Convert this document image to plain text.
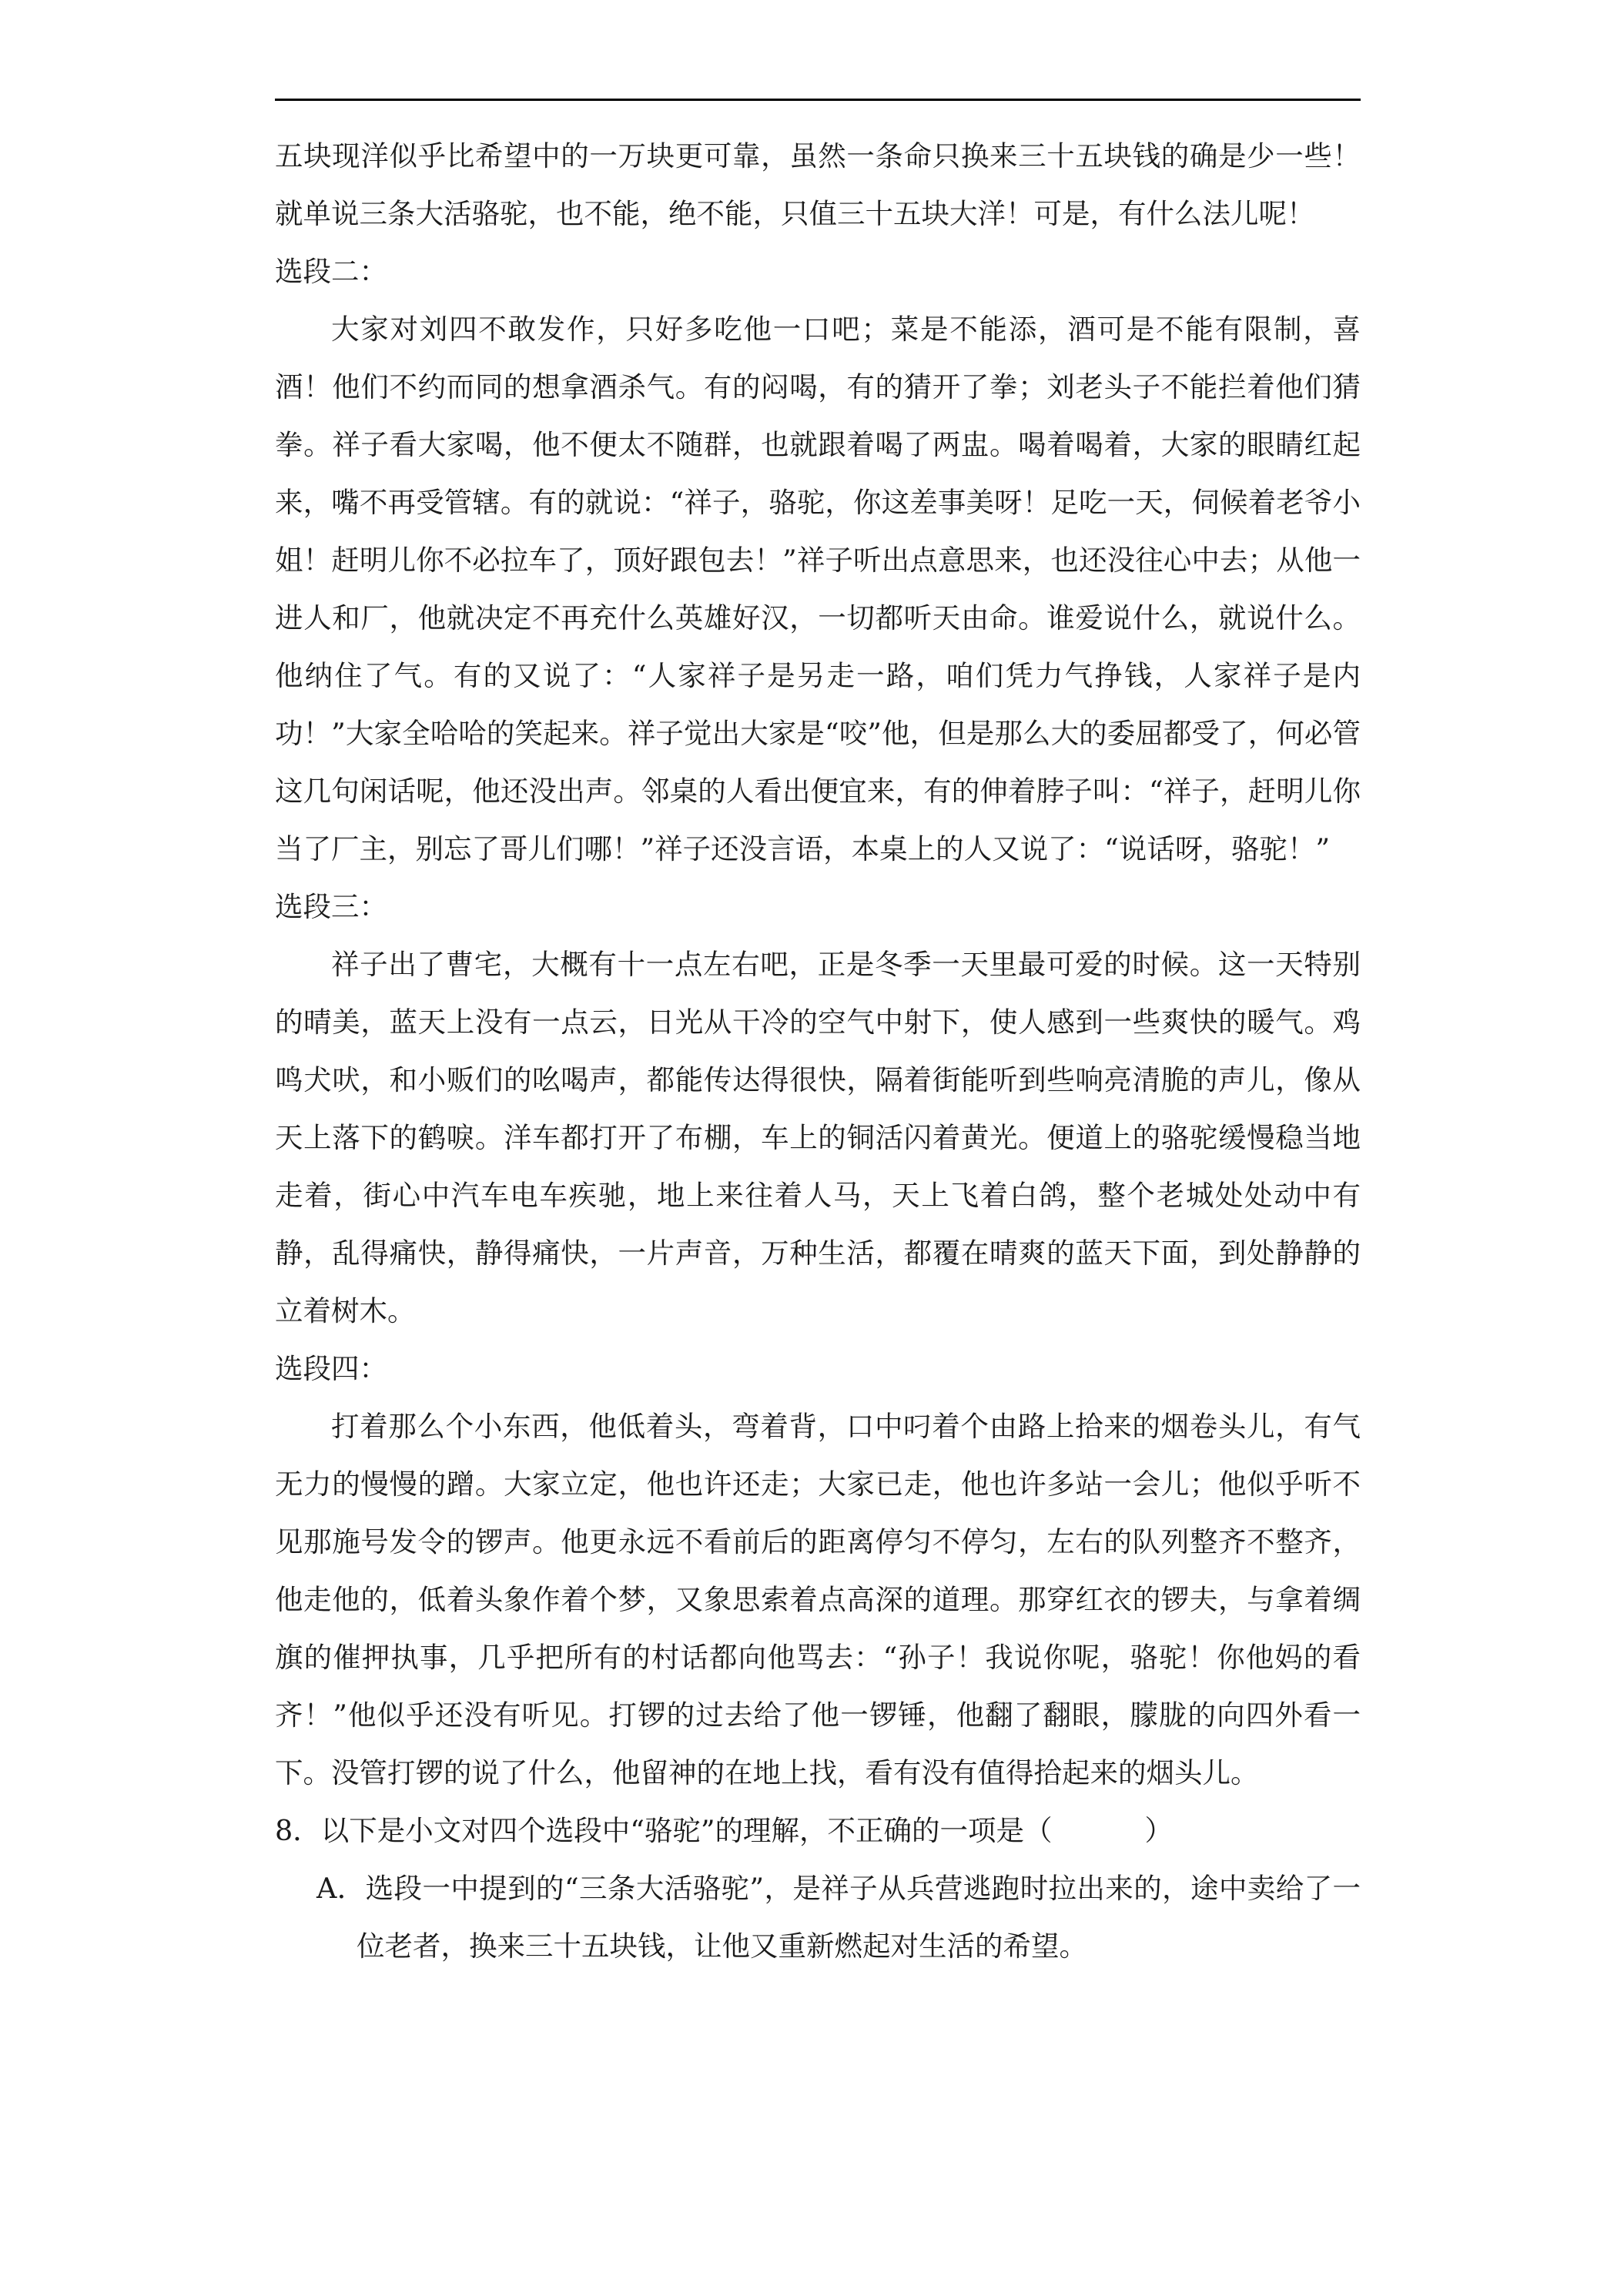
五块现洋似乎比希望中的一万块更可靠，虽然一条命只换来三十五块钱的确是少一些！就单说三条大活骆驼，也不能，绝不能，只值三十五块大洋！可是，有什么法儿呢！

选段二：

大家对刘四不敢发作，只好多吃他一口吧；菜是不能添，酒可是不能有限制，喜酒！他们不约而同的想拿酒杀气。有的闷喝，有的猜开了拳；刘老头子不能拦着他们猜拳。祥子看大家喝，他不便太不随群，也就跟着喝了两盅。喝着喝着，大家的眼睛红起来，嘴不再受管辖。有的就说：“祥子，骆驼，你这差事美呀！足吃一天，伺候着老爷小姐！赶明儿你不必拉车了，顶好跟包去！”祥子听出点意思来，也还没往心中去；从他一进人和厂，他就决定不再充什么英雄好汉，一切都听天由命。谁爱说什么，就说什么。他纳住了气。有的又说了：“人家祥子是另走一路，咱们凭力气挣钱，人家祥子是内功！”大家全哈哈的笑起来。祥子觉出大家是“咬”他，但是那么大的委屈都受了，何必管这几句闲话呢，他还没出声。邻桌的人看出便宜来，有的伸着脖子叫：“祥子，赶明儿你当了厂主，别忘了哥儿们哪！”祥子还没言语，本桌上的人又说了：“说话呀，骆驼！”

选段三：

祥子出了曹宅，大概有十一点左右吧，正是冬季一天里最可爱的时候。这一天特别的晴美，蓝天上没有一点云，日光从干冷的空气中射下，使人感到一些爽快的暖气。鸡鸣犬吠，和小贩们的吆喝声，都能传达得很快，隔着街能听到些响亮清脆的声儿，像从天上落下的鹤唳。洋车都打开了布棚，车上的铜活闪着黄光。便道上的骆驼缓慢稳当地走着，街心中汽车电车疾驰，地上来往着人马，天上飞着白鸽，整个老城处处动中有静，乱得痛快，静得痛快，一片声音，万种生活，都覆在晴爽的蓝天下面，到处静静的立着树木。

选段四：

打着那么个小东西，他低着头，弯着背，口中叼着个由路上拾来的烟卷头儿，有气无力的慢慢的蹭。大家立定，他也许还走；大家已走，他也许多站一会儿；他似乎听不见那施号发令的锣声。他更永远不看前后的距离停匀不停匀，左右的队列整齐不整齐，他走他的，低着头象作着个梦，又象思索着点高深的道理。那穿红衣的锣夫，与拿着绸旗的催押执事，几乎把所有的村话都向他骂去：“孙子！我说你呢，骆驼！你他妈的看齐！”他似乎还没有听见。打锣的过去给了他一锣锤，他翻了翻眼，朦胧的向四外看一下。没管打锣的说了什么，他留神的在地上找，看有没有值得拾起来的烟头儿。

8．以下是小文对四个选段中“骆驼”的理解，不正确的一项是（	）

A．选段一中提到的“三条大活骆驼”，是祥子从兵营逃跑时拉出来的，途中卖给了一位老者，换来三十五块钱，让他又重新燃起对生活的希望。
